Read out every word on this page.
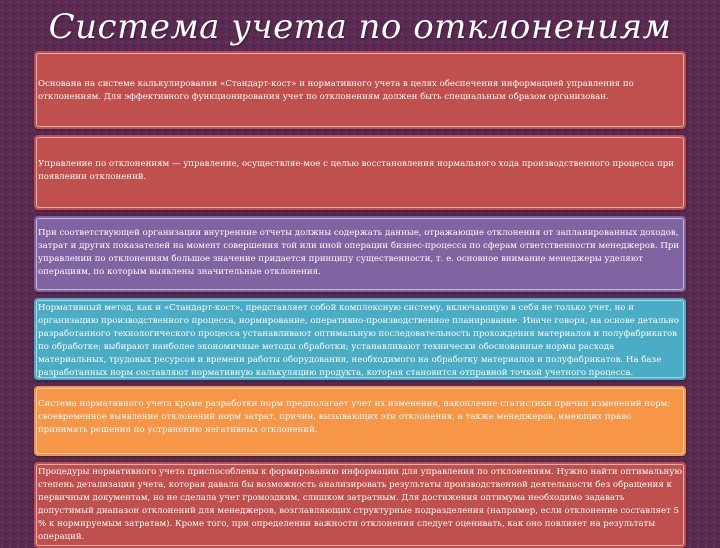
Система учета по отклонениям

Основана на системе калькулирования «Стандарт-кост» и нормативного учета в целях обеспечения информацией управления по отклонениям. Для эффективного функционирования учет по отклонениям должен быть специальным образом организован.

Управление по отклонениям — управление, осуществляе-мое с целью восстановления нормального хода производственного процесса при появлении отклонений.

При соответствующей организации внутренние отчеты должны содержать данные, отражающие отклонения от запланированных доходов, затрат и других показателей на момент совершения той или иной операции бизнес-процесса по сферам ответственности менеджеров. При управлении по отклонениям большое значение придается принципу существенности, т. е. основное внимание менеджеры уделяют операциям, по которым выявлены значительные отклонения.

Нормативный метод, как и «Стандарт-кост», представляет собой комплексную систему, включающую в себя не только учет, но и организацию производственного процесса, нормирование, оперативно-производственное планирование. Иначе говоря, на основе детально разработанного технологического процесса устанавливают оптимальную последовательность прохождения материалов и полуфабрикатов по обработке; выбирают наиболее экономичные методы обработки; устанавливают технически обоснованные нормы расхода материальных, трудовых ресурсов и времени работы оборудования, необходимого на обработку материалов и полуфабрикатов. На базе разработанных норм составляют нормативную калькуляцию продукта, которая становится отправной точкой учетного процесса.

Система нормативного учета кроме разработки норм предполагает учет их изменения, накопление статистики причин изменений норм; своевременное выявление отклонений норм затрат, причин, вызывающих эти отклонения, а также менеджеров, имеющих право принимать решения по устранению негативных отклонений.

Процедуры нормативного учета приспособлены к формированию информации для управления по отклонениям. Нужно найти оптимальную степень детализации учета, которая давала бы возможность анализировать результаты производственной деятельности без обращения к первичным документам, но не сделала учет громоздким, слишком затратным. Для достижения оптимума необходимо задавать допустимый диапазон отклонений для менеджеров, возглавляющих структурные подразделения (например, если отклонение составляет 5 % к нормируемым затратам). Кроме того, при определении важности отклонения следует оценивать, как оно повлияет на результаты операций.
